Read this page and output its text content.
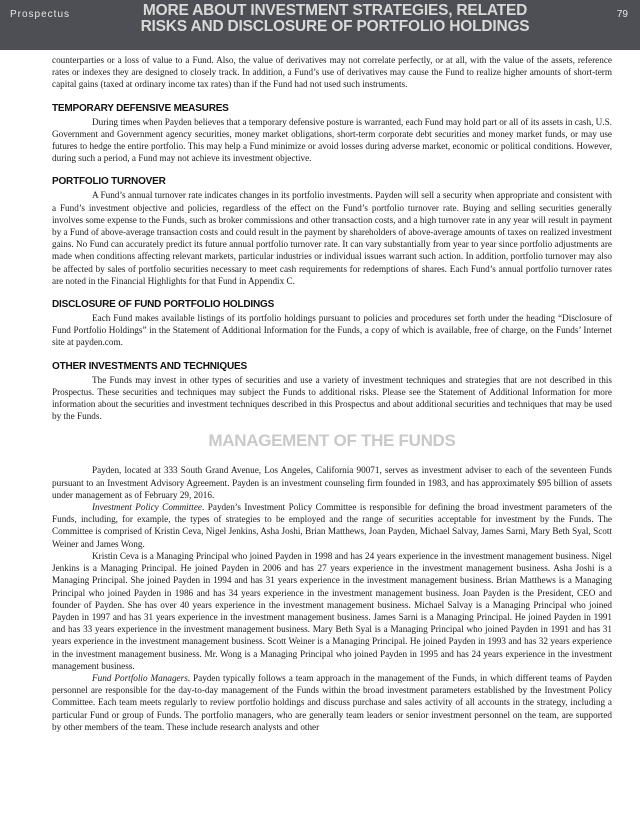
Prospectus	MORE ABOUT INVESTMENT STRATEGIES, RELATED
RISKS AND DISCLOSURE OF PORTFOLIO HOLDINGS
79

counterparties or a loss of value to a Fund. Also, the value of derivatives may not correlate perfectly, or at all, with the value of the assets, reference rates or indexes they are designed to closely track. In addition, a Fund’s use of derivatives may cause the Fund to realize higher amounts of short-term capital gains (taxed at ordinary income tax rates) than if the Fund had not used such instruments.

TEMPORARY DEFENSIVE MEASURES

During times when Payden believes that a temporary defensive posture is warranted, each Fund may hold part or all of its assets in cash, U.S. Government and Government agency securities, money market obligations, short-term corporate debt securities and money market funds, or may use futures to hedge the entire portfolio. This may help a Fund minimize or avoid losses during adverse market, economic or political conditions. However, during such a period, a Fund may not achieve its investment objective.

PORTFOLIO TURNOVER

A Fund’s annual turnover rate indicates changes in its portfolio investments. Payden will sell a security when appropriate and consistent with a Fund’s investment objective and policies, regardless of the effect on the Fund’s portfolio turnover rate. Buying and selling securities generally involves some expense to the Funds, such as broker commissions and other transaction costs, and a high turnover rate in any year will result in payment by a Fund of above-average transaction costs and could result in the payment by shareholders of above-average amounts of taxes on realized investment gains. No Fund can accurately predict its future annual portfolio turnover rate. It can vary substantially from year to year since portfolio adjustments are made when conditions affecting relevant markets, particular industries or individual issues warrant such action. In addition, portfolio turnover may also be affected by sales of portfolio securities necessary to meet cash requirements for redemptions of shares. Each Fund’s annual portfolio turnover rates are noted in the Financial Highlights for that Fund in Appendix C.

DISCLOSURE OF FUND PORTFOLIO HOLDINGS

Each Fund makes available listings of its portfolio holdings pursuant to policies and procedures set forth under the heading “Disclosure of Fund Portfolio Holdings” in the Statement of Additional Information for the Funds, a copy of which is available, free of charge, on the Funds’ Internet site at payden.com.

OTHER INVESTMENTS AND TECHNIQUES

The Funds may invest in other types of securities and use a variety of investment techniques and strategies that are not described in this Prospectus. These securities and techniques may subject the Funds to additional risks. Please see the Statement of Additional Information for more information about the securities and investment techniques described in this Prospectus and about additional securities and techniques that may be used by the Funds.

MANAGEMENT OF THE FUNDS

Payden, located at 333 South Grand Avenue, Los Angeles, California 90071, serves as investment adviser to each of the seventeen Funds pursuant to an Investment Advisory Agreement. Payden is an investment counseling firm founded in 1983, and has approximately $95 billion of assets under management as of February 29, 2016.

Investment Policy Committee. Payden’s Investment Policy Committee is responsible for defining the broad investment parameters of the Funds, including, for example, the types of strategies to be employed and the range of securities acceptable for investment by the Funds. The Committee is comprised of Kristin Ceva, Nigel Jenkins, Asha Joshi, Brian Matthews, Joan Payden, Michael Salvay, James Sarni, Mary Beth Syal, Scott Weiner and James Wong.

Kristin Ceva is a Managing Principal who joined Payden in 1998 and has 24 years experience in the investment management business. Nigel Jenkins is a Managing Principal. He joined Payden in 2006 and has 27 years experience in the investment management business. Asha Joshi is a Managing Principal. She joined Payden in 1994 and has 31 years experience in the investment management business. Brian Matthews is a Managing Principal who joined Payden in 1986 and has 34 years experience in the investment management business. Joan Payden is the President, CEO and founder of Payden. She has over 40 years experience in the investment management business. Michael Salvay is a Managing Principal who joined Payden in 1997 and has 31 years experience in the investment management business. James Sarni is a Managing Principal. He joined Payden in 1991 and has 33 years experience in the investment management business. Mary Beth Syal is a Managing Principal who joined Payden in 1991 and has 31 years experience in the investment management business. Scott Weiner is a Managing Principal. He joined Payden in 1993 and has 32 years experience in the investment management business. Mr. Wong is a Managing Principal who joined Payden in 1995 and has 24 years experience in the investment management business.

Fund Portfolio Managers. Payden typically follows a team approach in the management of the Funds, in which different teams of Payden personnel are responsible for the day-to-day management of the Funds within the broad investment parameters established by the Investment Policy Committee. Each team meets regularly to review portfolio holdings and discuss purchase and sales activity of all accounts in the strategy, including a particular Fund or group of Funds. The portfolio managers, who are generally team leaders or senior investment personnel on the team, are supported by other members of the team. These include research analysts and other
